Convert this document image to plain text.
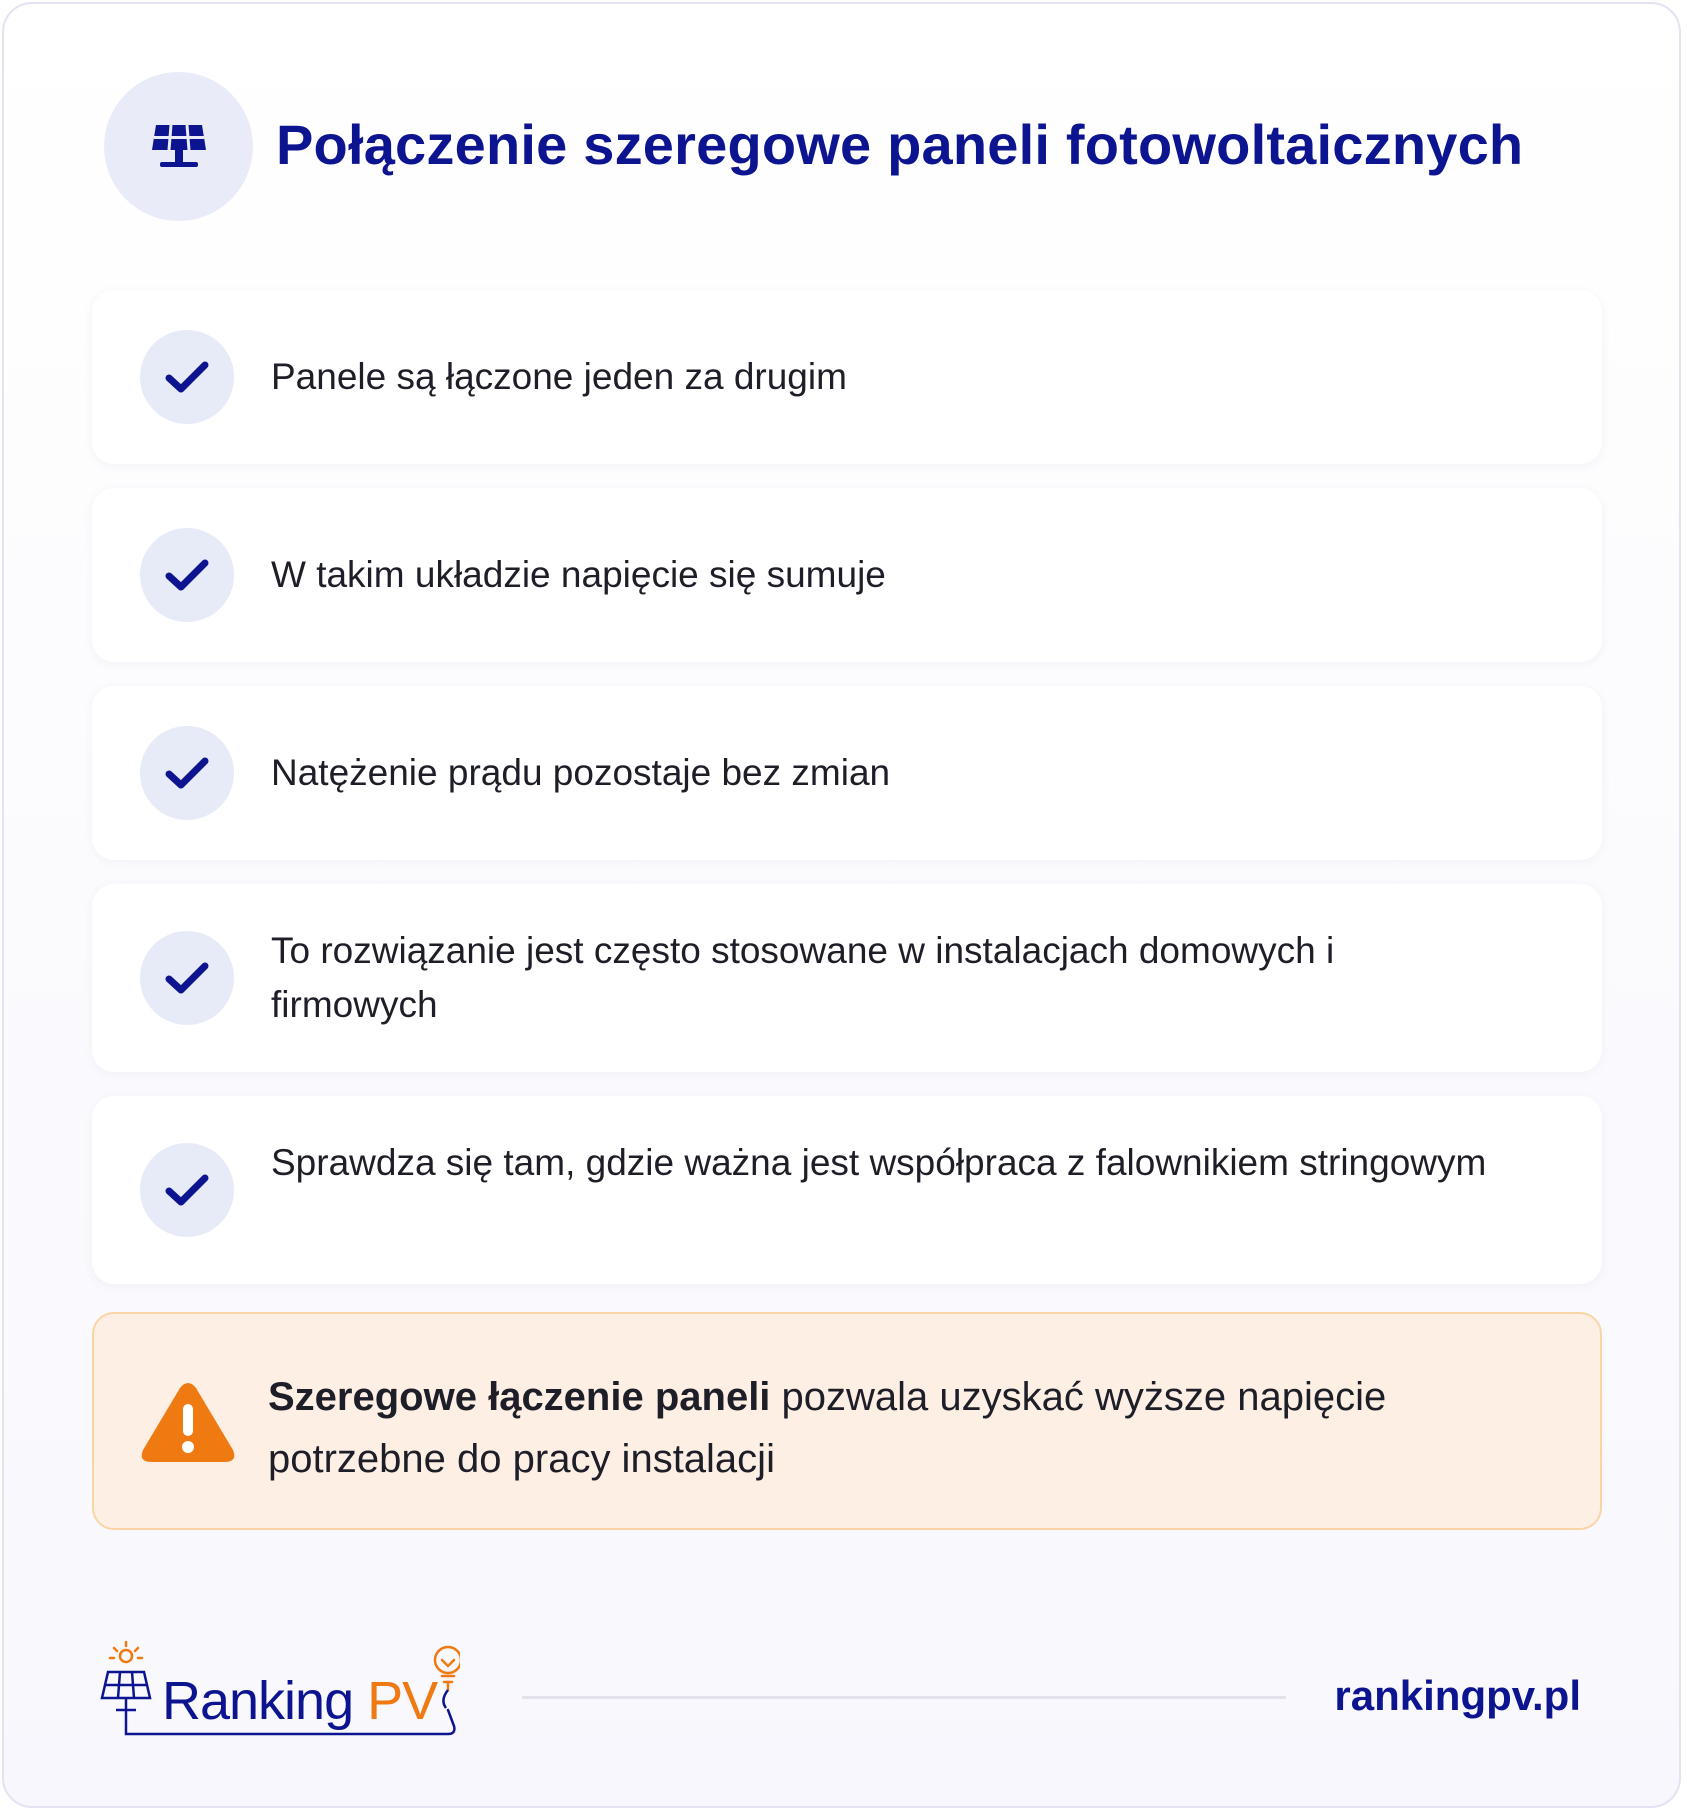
Połączenie szeregowe paneli fotowoltaicznych
Panele są łączone jeden za drugim
W takim układzie napięcie się sumuje
Natężenie prądu pozostaje bez zmian
To rozwiązanie jest często stosowane w instalacjach domowych i firmowych
Sprawdza się tam, gdzie ważna jest współpraca z falownikiem stringowym
Szeregowe łączenie paneli pozwala uzyskać wyższe napięcie potrzebne do pracy instalacji
Ranking PV	rankingpv.pl
